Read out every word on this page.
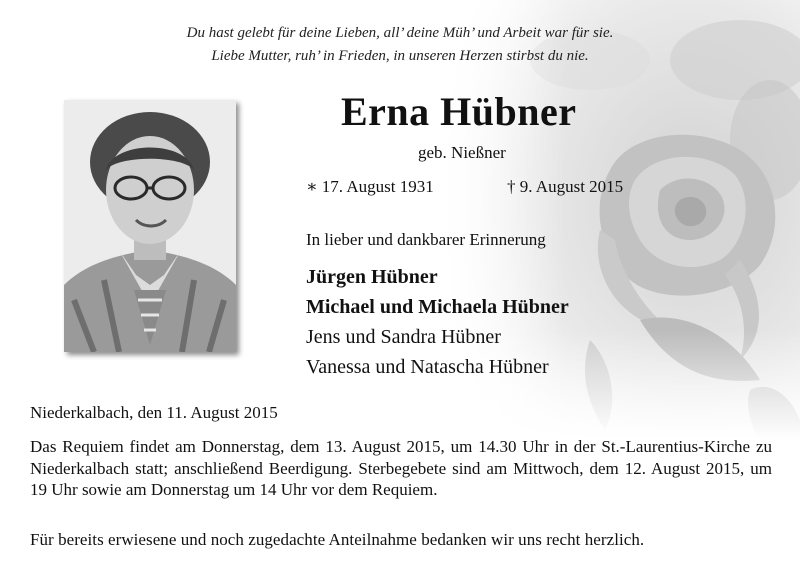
Du hast gelebt für deine Lieben, all’ deine Müh’ und Arbeit war für sie.
Liebe Mutter, ruh’ in Frieden, in unseren Herzen stirbst du nie.
Erna Hübner
geb. Nießner
∗ 17. August 1931	† 9. August 2015
In lieber und dankbarer Erinnerung
Jürgen Hübner
Michael und Michaela Hübner
Jens und Sandra Hübner
Vanessa und Natascha Hübner
Niederkalbach, den 11. August 2015
Das Requiem findet am Donnerstag, dem 13. August 2015, um 14.30 Uhr in der St.-Laurentius-Kirche zu Niederkalbach statt; anschließend Beerdigung. Sterbegebete sind am Mittwoch, dem 12. August 2015, um 19 Uhr sowie am Donnerstag um 14 Uhr vor dem Requiem.
Für bereits erwiesene und noch zugedachte Anteilnahme bedanken wir uns recht herzlich.
